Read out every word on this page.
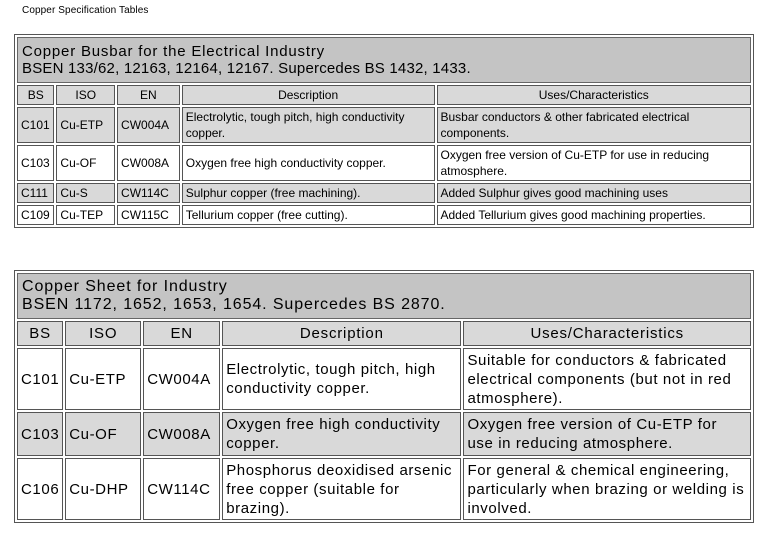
Copper Specification Tables
Copper Busbar for the Electrical Industry
BSEN 133/62, 12163, 12164, 12167. Supercedes BS 1432, 1433.				

BS	ISO	EN	Description	Uses/Characteristics
C101	Cu-ETP	CW004A	Electrolytic, tough pitch, high conductivity copper.	Busbar conductors & other fabricated electrical components.
C103	Cu-OF	CW008A	Oxygen free high conductivity copper.	Oxygen free version of Cu-ETP for use in reducing atmosphere.
C111	Cu-S	CW114C	Sulphur copper (free machining).	Added Sulphur gives good machining uses
C109	Cu-TEP	CW115C	Tellurium copper (free cutting).	Added Tellurium gives good machining properties.
Copper Sheet for Industry
BSEN 1172, 1652, 1653, 1654. Supercedes BS 2870.				

BS	ISO	EN	Description	Uses/Characteristics
C101	Cu-ETP	CW004A	Electrolytic, tough pitch, high conductivity copper.	Suitable for conductors & fabricated electrical components (but not in red atmosphere).
C103	Cu-OF	CW008A	Oxygen free high conductivity copper.	Oxygen free version of Cu-ETP for use in reducing atmosphere.
C106	Cu-DHP	CW114C	Phosphorus deoxidised arsenic free copper (suitable for brazing).	For general & chemical engineering, particularly when brazing or welding is involved.
